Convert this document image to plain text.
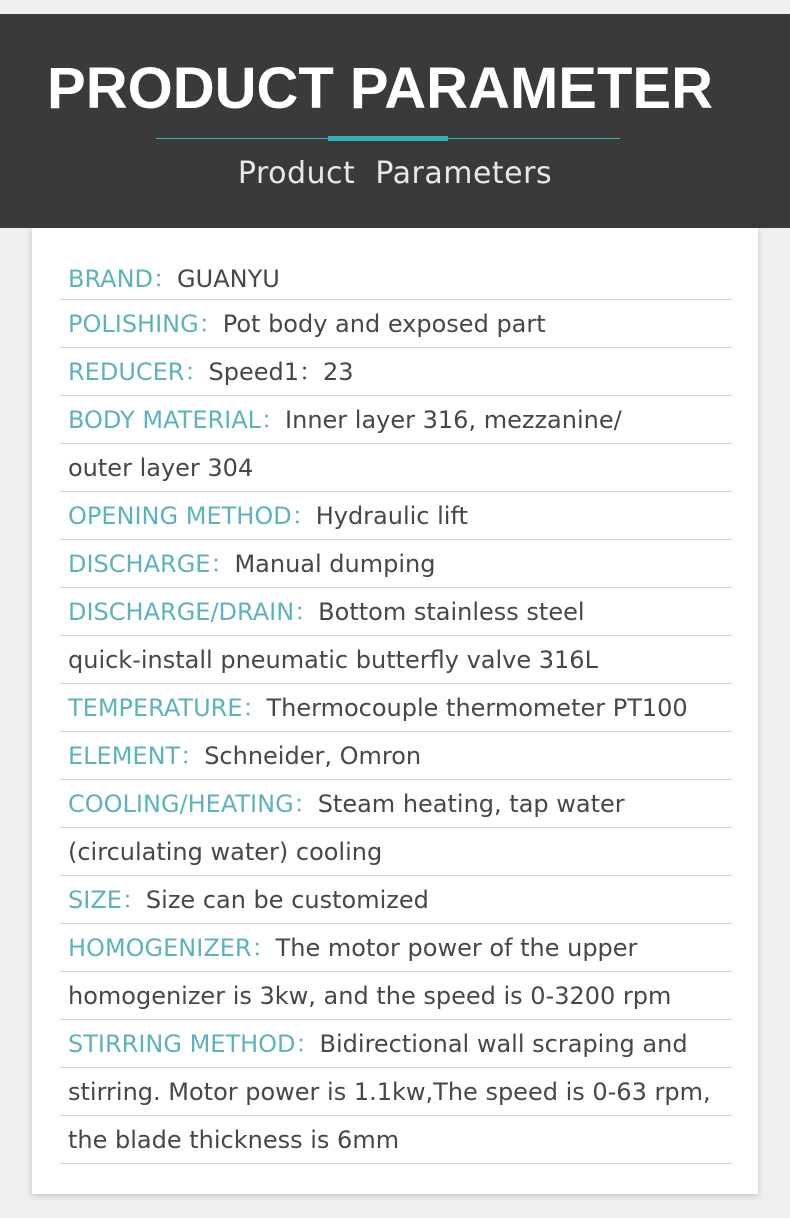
PRODUCT PARAMETER
Product  Parameters
BRAND：GUANYU
POLISHING：Pot body and exposed part
REDUCER：Speed1：23
BODY MATERIAL：Inner layer 316, mezzanine/
outer layer 304
OPENING METHOD：Hydraulic lift
DISCHARGE：Manual dumping
DISCHARGE/DRAIN：Bottom stainless steel
quick-install pneumatic butterfly valve 316L
TEMPERATURE：Thermocouple thermometer PT100
ELEMENT：Schneider, Omron
COOLING/HEATING：Steam heating, tap water
(circulating water) cooling
SIZE：Size can be customized
HOMOGENIZER：The motor power of the upper
homogenizer is 3kw, and the speed is 0-3200 rpm
STIRRING METHOD：Bidirectional wall scraping and
stirring. Motor power is 1.1kw,The speed is 0-63 rpm,
the blade thickness is 6mm
